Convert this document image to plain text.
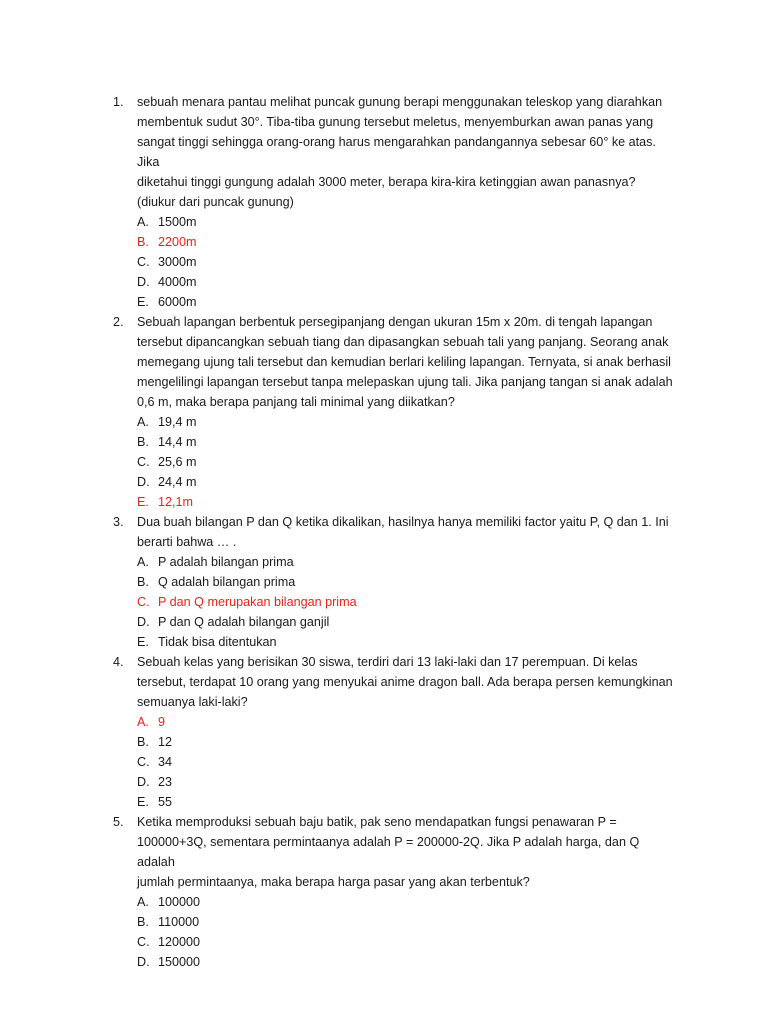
1. sebuah menara pantau melihat puncak gunung berapi menggunakan teleskop yang diarahkan
membentuk sudut 30°. Tiba-tiba gunung tersebut meletus, menyemburkan awan panas yang
sangat tinggi sehingga orang-orang harus mengarahkan pandangannya sebesar 60° ke atas. Jika
diketahui tinggi gungung adalah 3000 meter, berapa kira-kira ketinggian awan panasnya?
(diukur dari puncak gunung)
A. 1500m
B. 2200m
C. 3000m
D. 4000m
E. 6000m
2. Sebuah lapangan berbentuk persegipanjang dengan ukuran 15m x 20m. di tengah lapangan
tersebut dipancangkan sebuah tiang dan dipasangkan sebuah tali yang panjang. Seorang anak
memegang ujung tali tersebut dan kemudian berlari keliling lapangan. Ternyata, si anak berhasil
mengelilingi lapangan tersebut tanpa melepaskan ujung tali. Jika panjang tangan si anak adalah
0,6 m, maka berapa panjang tali minimal yang diikatkan?
A. 19,4 m
B. 14,4 m
C. 25,6 m
D. 24,4 m
E. 12,1m
3. Dua buah bilangan P dan Q ketika dikalikan, hasilnya hanya memiliki factor yaitu P, Q dan 1. Ini
berarti bahwa … .
A. P adalah bilangan prima
B. Q adalah bilangan prima
C. P dan Q merupakan bilangan prima
D. P dan Q adalah bilangan ganjil
E. Tidak bisa ditentukan
4. Sebuah kelas yang berisikan 30 siswa, terdiri dari 13 laki-laki dan 17 perempuan. Di kelas
tersebut, terdapat 10 orang yang menyukai anime dragon ball. Ada berapa persen kemungkinan
semuanya laki-laki?
A. 9
B. 12
C. 34
D. 23
E. 55
5. Ketika memproduksi sebuah baju batik, pak seno mendapatkan fungsi penawaran P =
100000+3Q, sementara permintaanya adalah P = 200000-2Q. Jika P adalah harga, dan Q adalah
jumlah permintaanya, maka berapa harga pasar yang akan terbentuk?
A. 100000
B. 110000
C. 120000
D. 150000
